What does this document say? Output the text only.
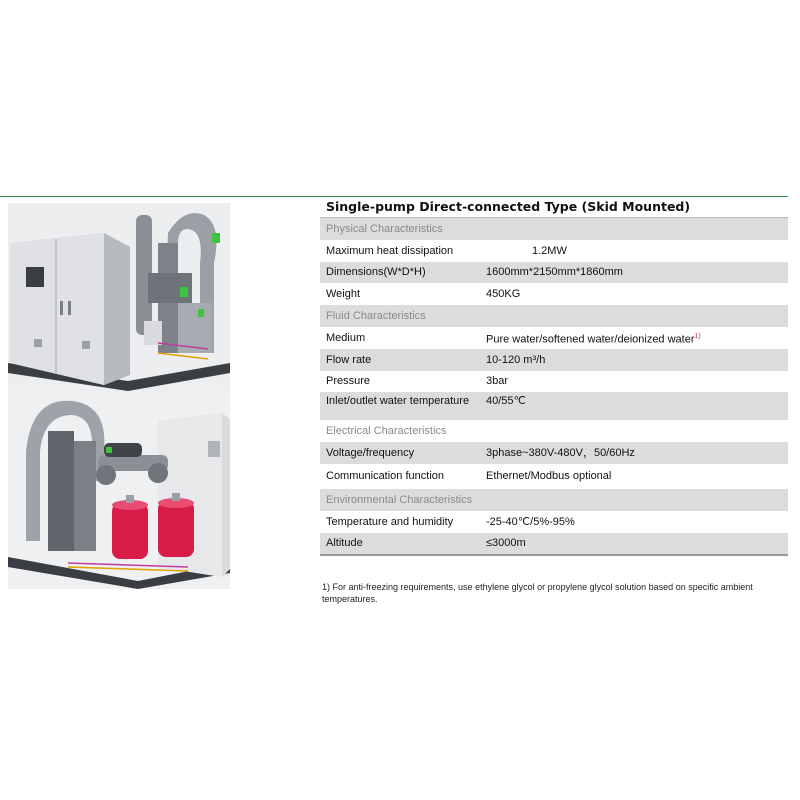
Single-pump Direct-connected Type (Skid Mounted)
Physical Characteristics
Maximum heat dissipation	1.2MW
Dimensions(W*D*H)	1600mm*2150mm*1860mm
Weight	450KG
Fluid Characteristics
Medium	Pure water/softened water/deionized water$^{1)}$
Flow rate	10-120 m³/h
Pressure	3bar
Inlet/outlet water temperature	40/55℃
Electrical Characteristics
Voltage/frequency	3phase~380V-480V，50/60Hz
Communication function	Ethernet/Modbus optional
Environmental Characteristics
Temperature and humidity	-25-40℃/5%-95%
Altitude	≤3000m
1) For anti-freezing requirements, use ethylene glycol or propylene glycol solution based on specific ambient temperatures.
